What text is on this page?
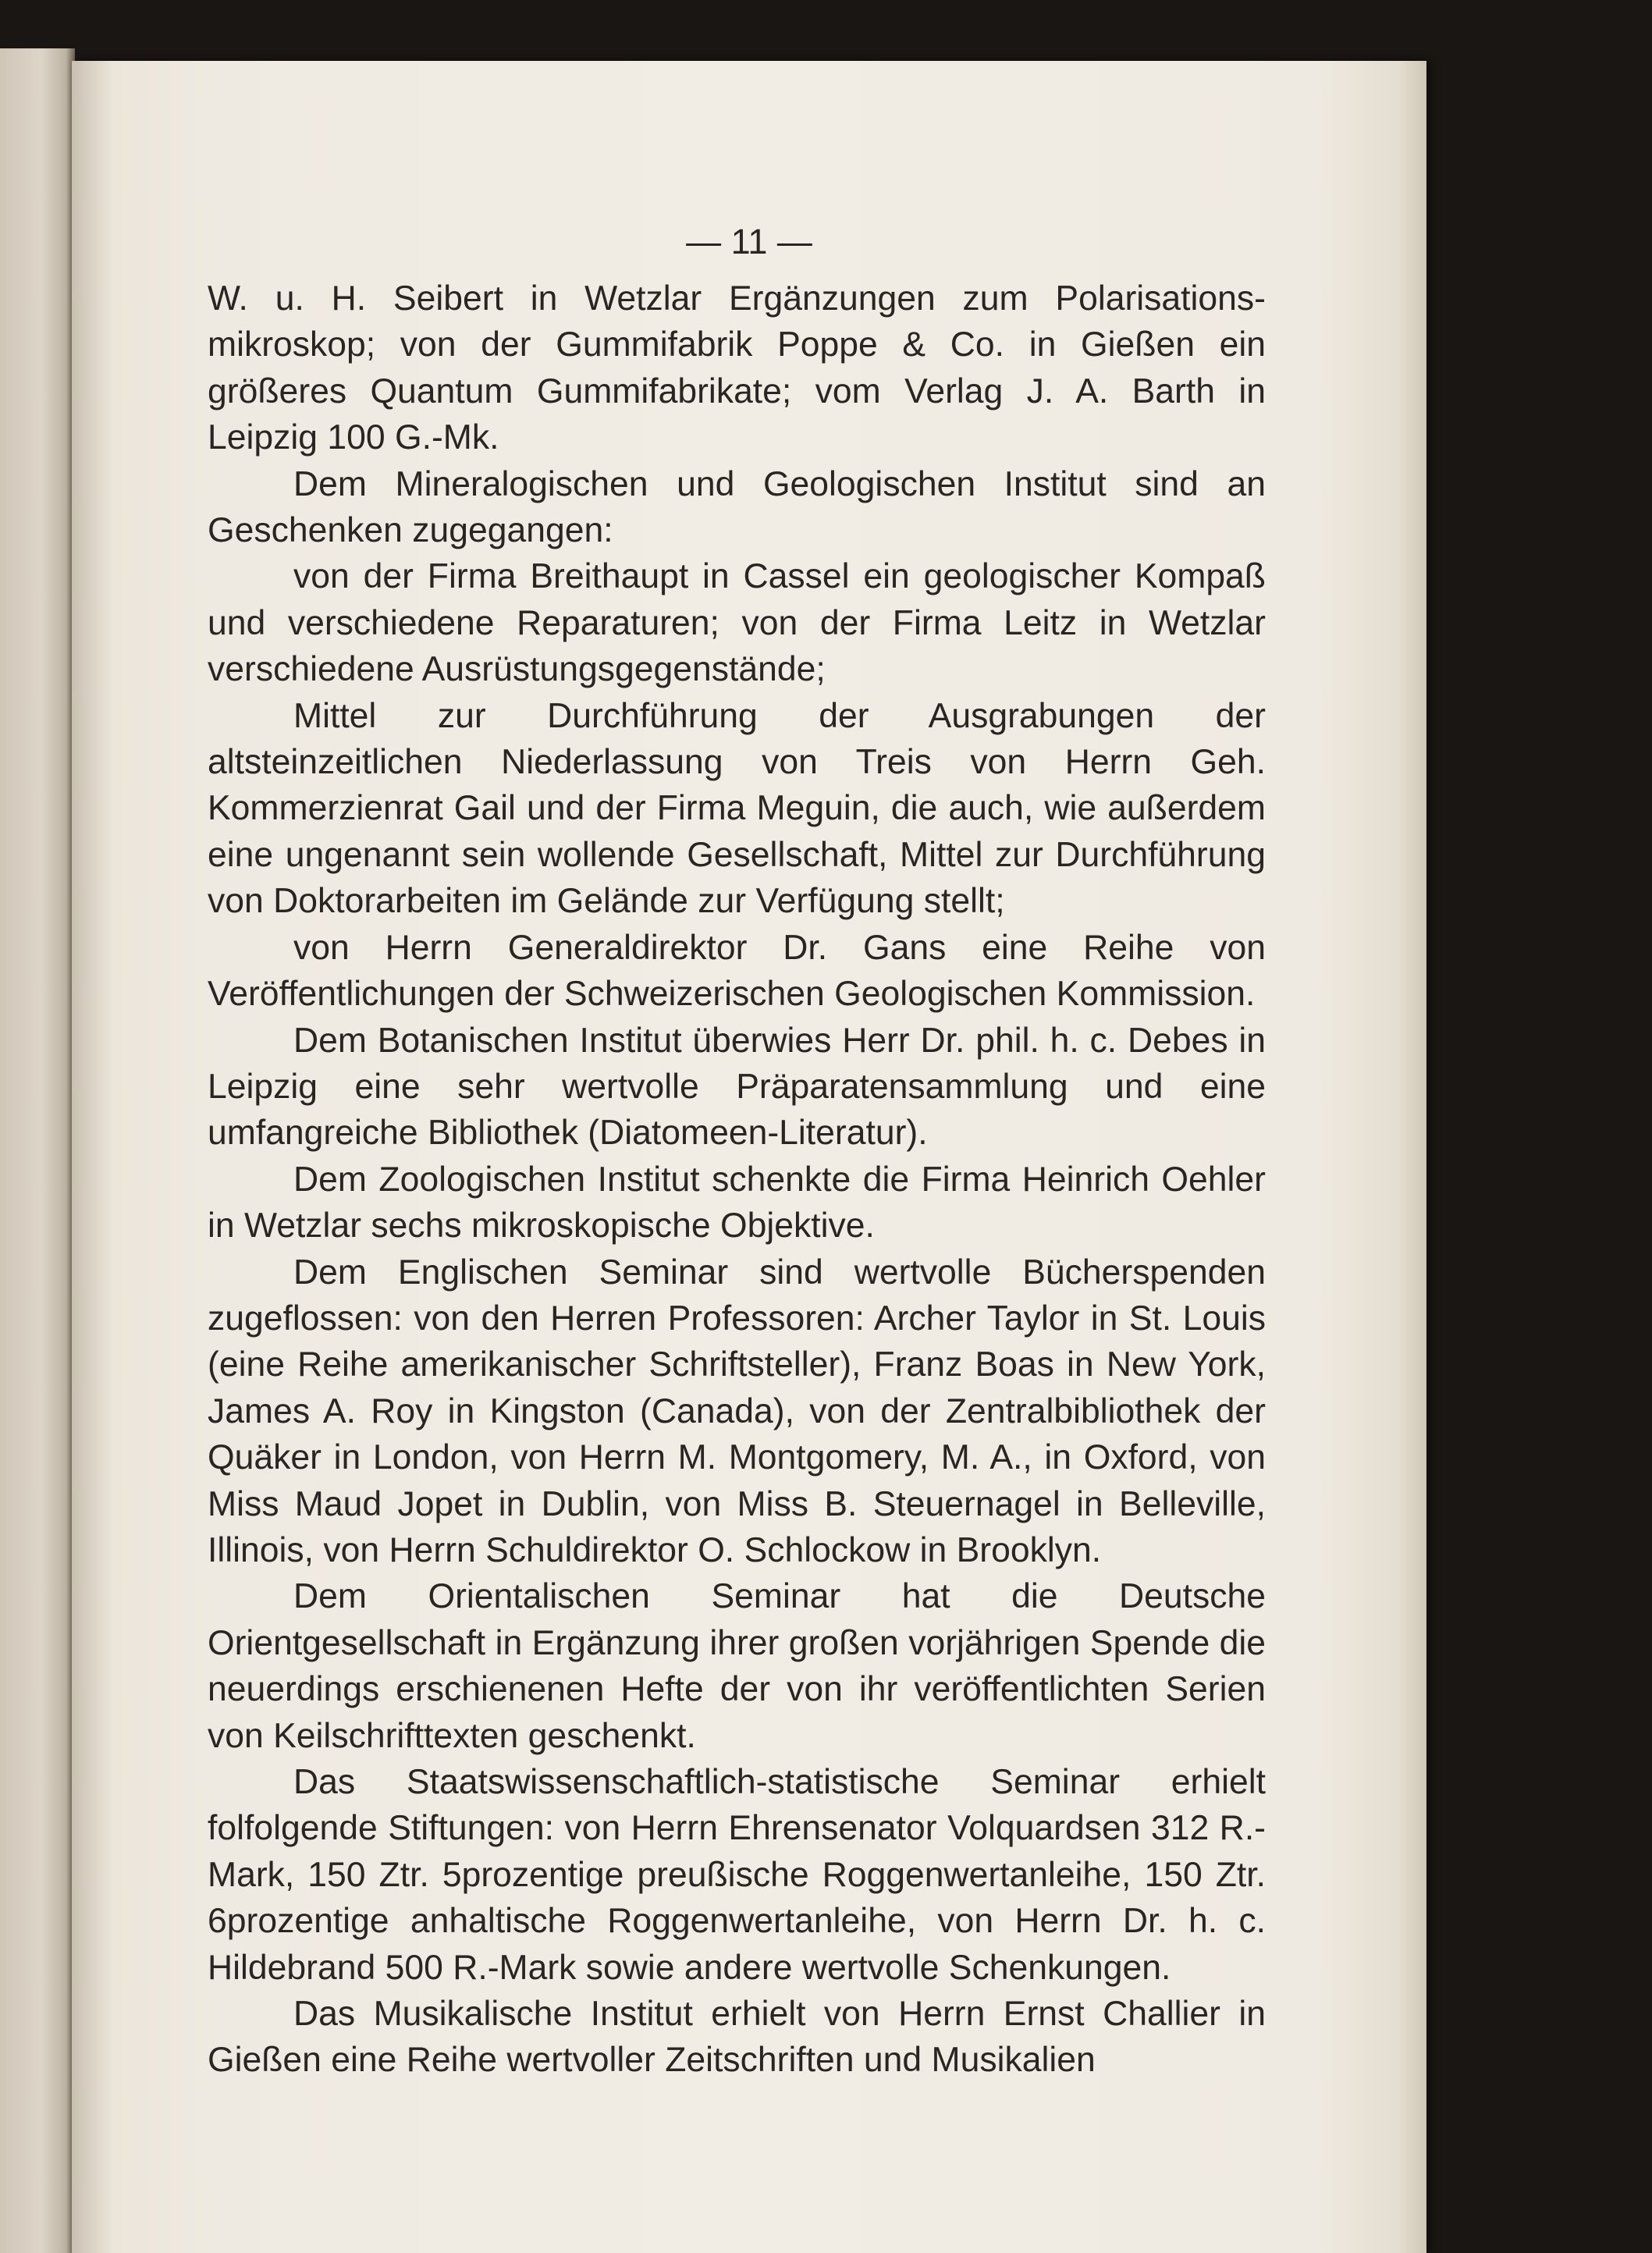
— 11 —

W. u. H. Seibert in Wetzlar Ergänzungen zum Polarisations-mikroskop; von der Gummifabrik Poppe & Co. in Gießen ein größeres Quantum Gummifabrikate; vom Verlag J. A. Barth in Leipzig 100 G.-Mk.

Dem Mineralogischen und Geologischen Institut sind an Geschenken zugegangen:

von der Firma Breithaupt in Cassel ein geologischer Kompaß und verschiedene Reparaturen; von der Firma Leitz in Wetzlar verschiedene Ausrüstungsgegenstände;

Mittel zur Durchführung der Ausgrabungen der altsteinzeitlichen Niederlassung von Treis von Herrn Geh. Kommerzienrat Gail und der Firma Meguin, die auch, wie außerdem eine ungenannt sein wollende Gesellschaft, Mittel zur Durchführung von Doktorarbeiten im Gelände zur Verfügung stellt;

von Herrn Generaldirektor Dr. Gans eine Reihe von Veröffentlichungen der Schweizerischen Geologischen Kommission.

Dem Botanischen Institut überwies Herr Dr. phil. h. c. Debes in Leipzig eine sehr wertvolle Präparatensammlung und eine umfangreiche Bibliothek (Diatomeen-Literatur).

Dem Zoologischen Institut schenkte die Firma Heinrich Oehler in Wetzlar sechs mikroskopische Objektive.

Dem Englischen Seminar sind wertvolle Bücherspenden zugeflossen: von den Herren Professoren: Archer Taylor in St. Louis (eine Reihe amerikanischer Schriftsteller), Franz Boas in New York, James A. Roy in Kingston (Canada), von der Zentralbibliothek der Quäker in London, von Herrn M. Montgomery, M. A., in Oxford, von Miss Maud Jopet in Dublin, von Miss B. Steuernagel in Belleville, Illinois, von Herrn Schuldirektor O. Schlockow in Brooklyn.

Dem Orientalischen Seminar hat die Deutsche Orientgesellschaft in Ergänzung ihrer großen vorjährigen Spende die neuerdings erschienenen Hefte der von ihr veröffentlichten Serien von Keilschrifttexten geschenkt.

Das Staatswissenschaftlich-statistische Seminar erhielt folfolgende Stiftungen: von Herrn Ehrensenator Volquardsen 312 R.-Mark, 150 Ztr. 5prozentige preußische Roggenwertanleihe, 150 Ztr. 6prozentige anhaltische Roggenwertanleihe, von Herrn Dr. h. c. Hildebrand 500 R.-Mark sowie andere wertvolle Schenkungen.

Das Musikalische Institut erhielt von Herrn Ernst Challier in Gießen eine Reihe wertvoller Zeitschriften und Musikalien
